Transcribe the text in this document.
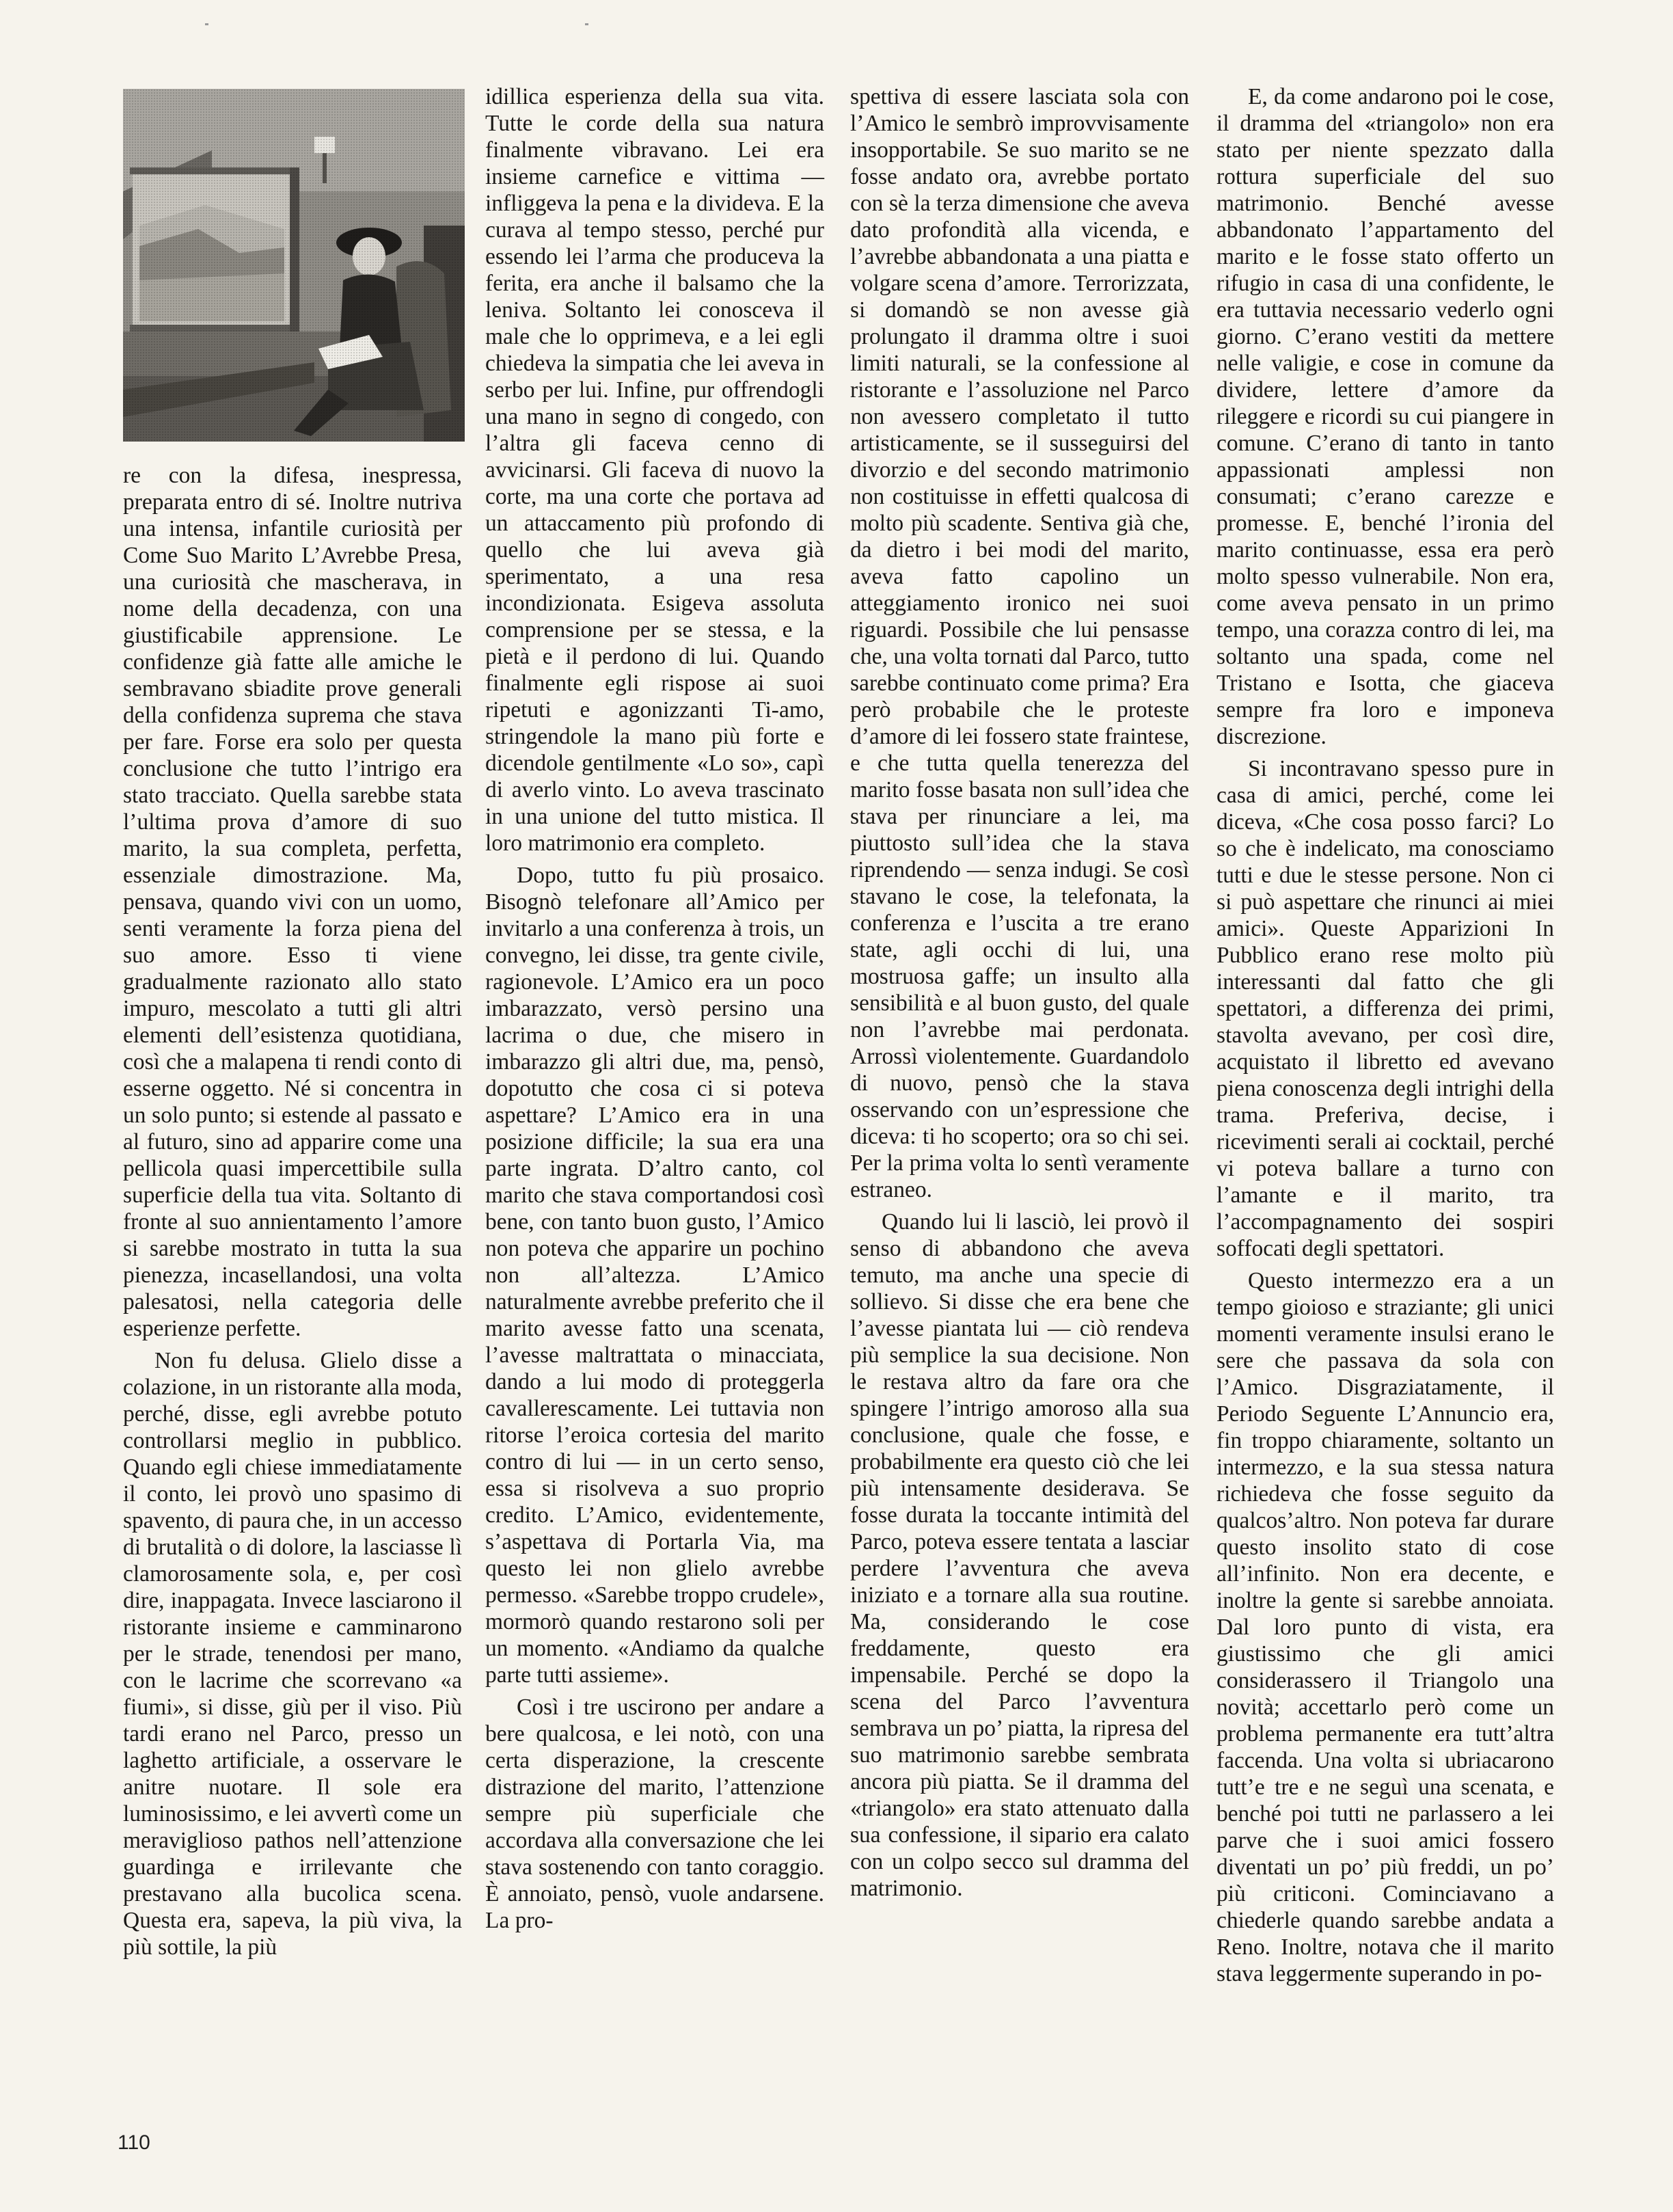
re con la difesa, inespressa, preparata entro di sé. Inoltre nutriva una intensa, infantile curiosità per Come Suo Marito L’Avrebbe Presa, una curiosità che mascherava, in nome della decadenza, con una giustificabile apprensione. Le confidenze già fatte alle amiche le sembravano sbiadite prove generali della confidenza suprema che stava per fare. Forse era solo per questa conclusione che tutto l’intrigo era stato tracciato. Quella sarebbe stata l’ultima prova d’amore di suo marito, la sua completa, perfetta, essenziale dimostrazione. Ma, pensava, quando vivi con un uomo, senti veramente la forza piena del suo amore. Esso ti viene gradualmente razionato allo stato impuro, mescolato a tutti gli altri elementi dell’esistenza quotidiana, così che a malapena ti rendi conto di esserne oggetto. Né si concentra in un solo punto; si estende al passato e al futuro, sino ad apparire come una pellicola quasi impercettibile sulla superficie della tua vita. Soltanto di fronte al suo annientamento l’amore si sarebbe mostrato in tutta la sua pienezza, incasellandosi, una volta palesatosi, nella categoria delle esperienze perfette.

Non fu delusa. Glielo disse a colazione, in un ristorante alla moda, perché, disse, egli avrebbe potuto controllarsi meglio in pubblico. Quando egli chiese immediatamente il conto, lei provò uno spasimo di spavento, di paura che, in un accesso di brutalità o di dolore, la lasciasse lì clamorosamente sola, e, per così dire, inappagata. Invece lasciarono il ristorante insieme e camminarono per le strade, tenendosi per mano, con le lacrime che scorrevano «a fiumi», si disse, giù per il viso. Più tardi erano nel Parco, presso un laghetto artificiale, a osservare le anitre nuotare. Il sole era luminosissimo, e lei avvertì come un meraviglioso pathos nell’attenzione guardinga e irrilevante che prestavano alla bucolica scena. Questa era, sapeva, la più viva, la più sottile, la più

idillica esperienza della sua vita. Tutte le corde della sua natura finalmente vibravano. Lei era insieme carnefice e vittima — infliggeva la pena e la divideva. E la curava al tempo stesso, perché pur essendo lei l’arma che produceva la ferita, era anche il balsamo che la leniva. Soltanto lei conosceva il male che lo opprimeva, e a lei egli chiedeva la simpatia che lei aveva in serbo per lui. Infine, pur offrendogli una mano in segno di congedo, con l’altra gli faceva cenno di avvicinarsi. Gli faceva di nuovo la corte, ma una corte che portava ad un attaccamento più profondo di quello che lui aveva già sperimentato, a una resa incondizionata. Esigeva assoluta comprensione per se stessa, e la pietà e il perdono di lui. Quando finalmente egli rispose ai suoi ripetuti e agonizzanti Ti-amo, stringendole la mano più forte e dicendole gentilmente «Lo so», capì di averlo vinto. Lo aveva trascinato in una unione del tutto mistica. Il loro matrimonio era completo.

Dopo, tutto fu più prosaico. Bisognò telefonare all’Amico per invitarlo a una conferenza à trois, un convegno, lei disse, tra gente civile, ragionevole. L’Amico era un poco imbarazzato, versò persino una lacrima o due, che misero in imbarazzo gli altri due, ma, pensò, dopotutto che cosa ci si poteva aspettare? L’Amico era in una posizione difficile; la sua era una parte ingrata. D’altro canto, col marito che stava comportandosi così bene, con tanto buon gusto, l’Amico non poteva che apparire un pochino non all’altezza. L’Amico naturalmente avrebbe preferito che il marito avesse fatto una scenata, l’avesse maltrattata o minacciata, dando a lui modo di proteggerla cavallerescamente. Lei tuttavia non ritorse l’eroica cortesia del marito contro di lui — in un certo senso, essa si risolveva a suo proprio credito. L’Amico, evidentemente, s’aspettava di Portarla Via, ma questo lei non glielo avrebbe permesso. «Sarebbe troppo crudele», mormorò quando restarono soli per un momento. «Andiamo da qualche parte tutti assieme».

Così i tre uscirono per andare a bere qualcosa, e lei notò, con una certa disperazione, la crescente distrazione del marito, l’attenzione sempre più superficiale che accordava alla conversazione che lei stava sostenendo con tanto coraggio. È annoiato, pensò, vuole andarsene. La pro-

spettiva di essere lasciata sola con l’Amico le sembrò improvvisamente insopportabile. Se suo marito se ne fosse andato ora, avrebbe portato con sè la terza dimensione che aveva dato profondità alla vicenda, e l’avrebbe abbandonata a una piatta e volgare scena d’amore. Terrorizzata, si domandò se non avesse già prolungato il dramma oltre i suoi limiti naturali, se la confessione al ristorante e l’assoluzione nel Parco non avessero completato il tutto artisticamente, se il susseguirsi del divorzio e del secondo matrimonio non costituisse in effetti qualcosa di molto più scadente. Sentiva già che, da dietro i bei modi del marito, aveva fatto capolino un atteggiamento ironico nei suoi riguardi. Possibile che lui pensasse che, una volta tornati dal Parco, tutto sarebbe continuato come prima? Era però probabile che le proteste d’amore di lei fossero state fraintese, e che tutta quella tenerezza del marito fosse basata non sull’idea che stava per rinunciare a lei, ma piuttosto sull’idea che la stava riprendendo — senza indugi. Se così stavano le cose, la telefonata, la conferenza e l’uscita a tre erano state, agli occhi di lui, una mostruosa gaffe; un insulto alla sensibilità e al buon gusto, del quale non l’avrebbe mai perdonata. Arrossì violentemente. Guardandolo di nuovo, pensò che la stava osservando con un’espressione che diceva: ti ho scoperto; ora so chi sei. Per la prima volta lo sentì veramente estraneo.

Quando lui li lasciò, lei provò il senso di abbandono che aveva temuto, ma anche una specie di sollievo. Si disse che era bene che l’avesse piantata lui — ciò rendeva più semplice la sua decisione. Non le restava altro da fare ora che spingere l’intrigo amoroso alla sua conclusione, quale che fosse, e probabilmente era questo ciò che lei più intensamente desiderava. Se fosse durata la toccante intimità del Parco, poteva essere tentata a lasciar perdere l’avventura che aveva iniziato e a tornare alla sua routine. Ma, considerando le cose freddamente, questo era impensabile. Perché se dopo la scena del Parco l’avventura sembrava un po’ piatta, la ripresa del suo matrimonio sarebbe sembrata ancora più piatta. Se il dramma del «triangolo» era stato attenuato dalla sua confessione, il sipario era calato con un colpo secco sul dramma del matrimonio.

E, da come andarono poi le cose, il dramma del «triangolo» non era stato per niente spezzato dalla rottura superficiale del suo matrimonio. Benché avesse abbandonato l’appartamento del marito e le fosse stato offerto un rifugio in casa di una confidente, le era tuttavia necessario vederlo ogni giorno. C’erano vestiti da mettere nelle valigie, e cose in comune da dividere, lettere d’amore da rileggere e ricordi su cui piangere in comune. C’erano di tanto in tanto appassionati amplessi non consumati; c’erano carezze e promesse. E, benché l’ironia del marito continuasse, essa era però molto spesso vulnerabile. Non era, come aveva pensato in un primo tempo, una corazza contro di lei, ma soltanto una spada, come nel Tristano e Isotta, che giaceva sempre fra loro e imponeva discrezione.

Si incontravano spesso pure in casa di amici, perché, come lei diceva, «Che cosa posso farci? Lo so che è indelicato, ma conosciamo tutti e due le stesse persone. Non ci si può aspettare che rinunci ai miei amici». Queste Apparizioni In Pubblico erano rese molto più interessanti dal fatto che gli spettatori, a differenza dei primi, stavolta avevano, per così dire, acquistato il libretto ed avevano piena conoscenza degli intrighi della trama. Preferiva, decise, i ricevimenti serali ai cocktail, perché vi poteva ballare a turno con l’amante e il marito, tra l’accompagnamento dei sospiri soffocati degli spettatori.

Questo intermezzo era a un tempo gioioso e straziante; gli unici momenti veramente insulsi erano le sere che passava da sola con l’Amico. Disgraziatamente, il Periodo Seguente L’Annuncio era, fin troppo chiaramente, soltanto un intermezzo, e la sua stessa natura richiedeva che fosse seguito da qualcos’altro. Non poteva far durare questo insolito stato di cose all’infinito. Non era decente, e inoltre la gente si sarebbe annoiata. Dal loro punto di vista, era giustissimo che gli amici considerassero il Triangolo una novità; accettarlo però come un problema permanente era tutt’altra faccenda. Una volta si ubriacarono tutt’e tre e ne seguì una scenata, e benché poi tutti ne parlassero a lei parve che i suoi amici fossero diventati un po’ più freddi, un po’ più criticoni. Cominciavano a chiederle quando sarebbe andata a Reno. Inoltre, notava che il marito stava leggermente superando in po-

110
